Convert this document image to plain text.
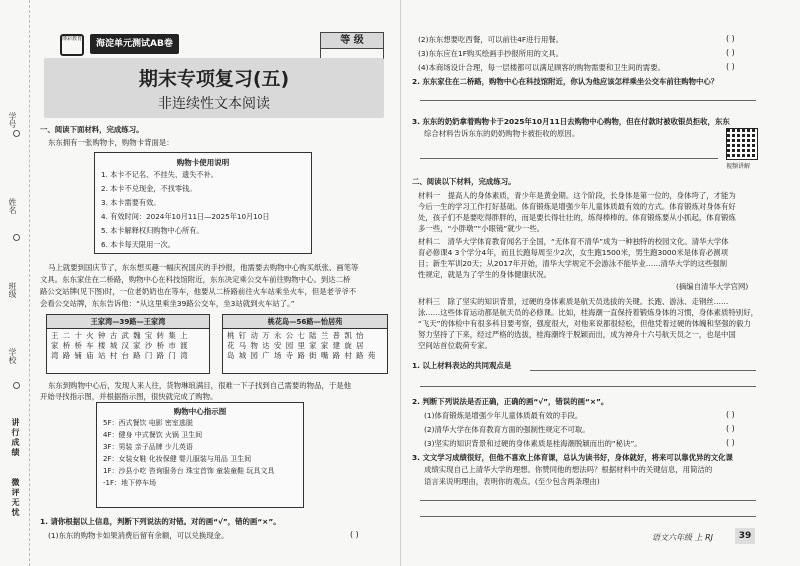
学号
姓名
班级
学校
讲行成绩
微评无忧
薄彩教育	海淀单元测试AB卷	等 级
期末专项复习(五)
非连续性文本阅读
一、阅读下面材料，完成练习。
东东拥有一张购物卡，购物卡背面是：
购物卡使用说明
1. 本卡不记名、不挂失、遗失不补。
2. 本卡不兑现金，不找零钱。
3. 本卡需要有效。
4. 有效时间：2024年10月11日—2025年10月10日
5. 本卡解释权归购物中心所有。
6. 本卡每天限用一次。
马上就要到国庆节了，东东想买趣一幅庆祝国庆的手抄报，他需要去购物中心购买纸张、画笔等
文具。东东家住在二桥路，购物中心在科技馆附近，东东决定乘公交车前往购物中心。到达二桥
路公交站牌(见下图)时，一位老奶奶也在等车，他要从二桥路前往火车站乘坐火车，但是老爷爷不
会看公交站牌，东东告诉他：“从这里乘坐39路公交车，坐3站就到火车站了。”
王家湾—39路—王家湾
王 二 十 火 钟 古 武 魏 宝 转 集 上
家 桥 桥 车 楼 城 汉 家 沙 桥 市 渡
湾 路 铺 庙 站 村 台 路 门 路 门 湾
桃花岛—56路—怡居苑
桃 钉 动 万 永 公 七 陆 兰 普 凯 怡
花 马 物 达 安 园 里 家 家 建 旋 居
岛 城 园 广 场 寺 路 街 嘴 路 村 路 苑
东东到购物中心后，发现人来人往，货物琳琅满目，很难一下子找到自己需要的物品，于是他
开始寻找指示图，并根据指示图，很快就完成了购物。
购物中心指示图
5F：西式餐饮 电影 密室逃脱
4F：健身 中式餐饮 火锅 卫生间
3F：男装 亲子品牌 少儿英语
2F：女装女鞋 化妆保健 婴儿服装与用品 卫生间
1F：沙县小吃 咨询服务台 珠宝首饰 童装童鞋 玩具文具
-1F：地下停车场
1. 请你根据以上信息，判断下列说法的对错。对的画“√”，错的画“×”。
(1)东东的购物卡如果消费后留有余额，可以兑换现金。	( )
(2)东东想要吃西餐，可以前往4F进行用餐。	( )
(3)东东应在1F购买绘画手抄报所用的文具。	( )
(4)本商场设计合理，每一层楼都可以满足顾客的购物需要和卫生间的需要。	( )
2. 东东家住在二桥路，购物中心在科技馆附近，你认为他应该怎样乘坐公交车前往购物中心？
3. 东东的奶奶拿着购物卡于2025年10月11日去购物中心购物，但在付款时被收银员拒收，东东
综合材料告诉东东的奶奶购物卡被拒收的原因。
视频讲解
二、阅读以下材料，完成练习。
材料一　提高人的身体素质，青少年是黄金期。这个阶段，长身体是第一位的，身体垮了，才能为
今后一生的学习工作打好基础。体育锻炼是增强少年儿童体质最有效的方式。体育锻炼对身体有好
处，孩子们不是要吃得胖胖的，而是要长得壮壮的，练得棒棒的。体育锻炼要从小抓起，体育锻炼
多一些，“小胖墩”“小眼镜”就少一些。
材料二　清华大学体育教育闻名于全国，“无体育不清华”成为一种独特的校园文化。清华大学体
育必修课4 3个学分4年，而且长跑每周至少2次，女生跑1500米，男生跑3000米是体育必测项
目；新生军训20天；从2017年开始，清华大学规定不会游泳不能毕业……清华大学的这些强制
性规定，就是为了学生的身体健康状况。
(摘编自清华大学官网)
材料三　除了坚实的知识背景，过硬的身体素质是航天员选拔的关键。长跑、游泳、走钢丝……
泳……这些体育运动都是航天员的必修课。比如，桂海潮一直保持着锻炼身体的习惯，身体素质特别好，
“飞天”的体检中有很多科目要考察，强度很大，对他来说都很轻松，但他凭着过硬的体魄和坚强的毅力
努力坚持了下来，经过严格的选拔，桂海潮终于脱颖而出，成为神舟十六号航天员之一，也是中国
空间站首位载荷专家。
1. 以上材料表达的共同观点是
2. 判断下列说法是否正确，正确的画“√”，错误的画“×”。
(1)体育锻炼是增强少年儿童体质最有效的手段。	( )
(2)清华大学在体育教育方面的强制性规定不可取。	( )
(3)坚实的知识背景和过硬的身体素质是桂海潮脱颖而出的“秘诀”。	( )
3. 文文学习成绩很好，但他不喜欢上体育课，总认为读书好，身体就好，将来可以靠优异的文化课
成绩实现自己上清华大学的理想。你赞同他的想法吗？根据材料中的关键信息，用简洁的
语言来说明理由，表明你的观点。(至少包含两条理由)
语文六年级 上 RJ	39
